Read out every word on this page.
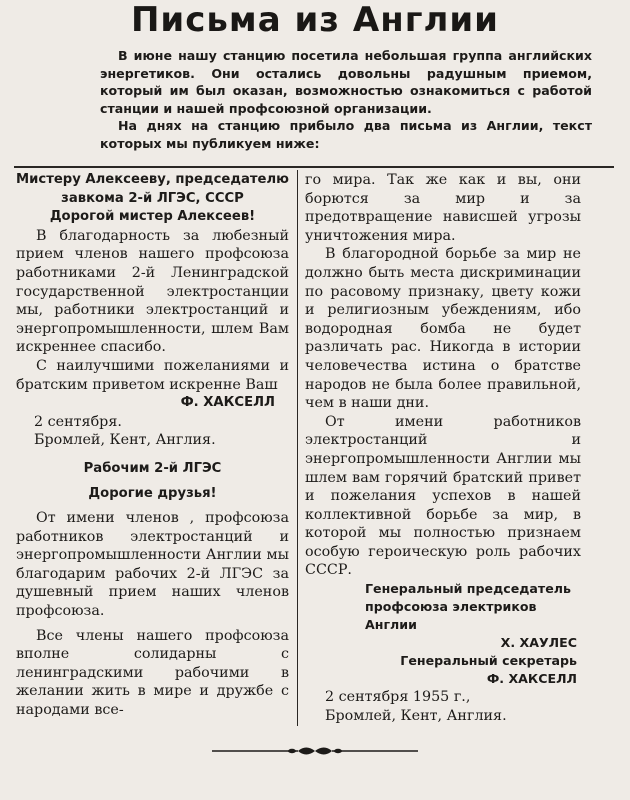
Письма из Англии

В июне нашу станцию посетила небольшая группа английских энергетиков. Они остались довольны радушным приемом, который им был оказан, возможностью ознакомиться с работой станции и нашей профсоюзной организации.

На днях на станцию прибыло два письма из Англии, текст которых мы публикуем ниже:

Мистеру Алексееву, председателю

завкома 2-й ЛГЭС, СССР

Дорогой мистер Алексеев!

В благодарность за любезный прием членов нашего профсоюза работниками 2-й Ленинградской государственной электростанции мы, работники электростанций и энергопромышленности, шлем Вам искреннее спасибо.

С наилучшими пожеланиями и братским приветом искренне Ваш

Ф. ХАКСЕЛЛ

2 сентября.

Бромлей, Кент, Англия.

Рабочим 2-й ЛГЭС

Дорогие друзья!

От имени членов , профсоюза работников электростанций и энергопромышленности Англии мы благодарим рабочих 2-й ЛГЭС за душевный прием наших членов профсоюза.

Все члены нашего профсоюза вполне солидарны с ленинградскими рабочими в желании жить в мире и дружбе с народами все-

го мира. Так же как и вы, они борются за мир и за предотвращение нависшей угрозы уничтожения мира.

В благородной борьбе за мир не должно быть места дискриминации по расовому признаку, цвету кожи и религиозным убеждениям, ибо водородная бомба не будет различать рас. Никогда в истории человечества истина о братстве народов не была более правильной, чем в наши дни.

От имени работников электростанций и энергопромышленности Англии мы шлем вам горячий братский привет и пожелания успехов в нашей коллективной борьбе за мир, в которой мы полностью признаем особую героическую роль рабочих СССР.

Генеральный председатель

профсоюза электриков

Англии

Х. ХАУЛЕС

Генеральный секретарь

Ф. ХАКСЕЛЛ

2 сентября 1955 г.,

Бромлей, Кент, Англия.
